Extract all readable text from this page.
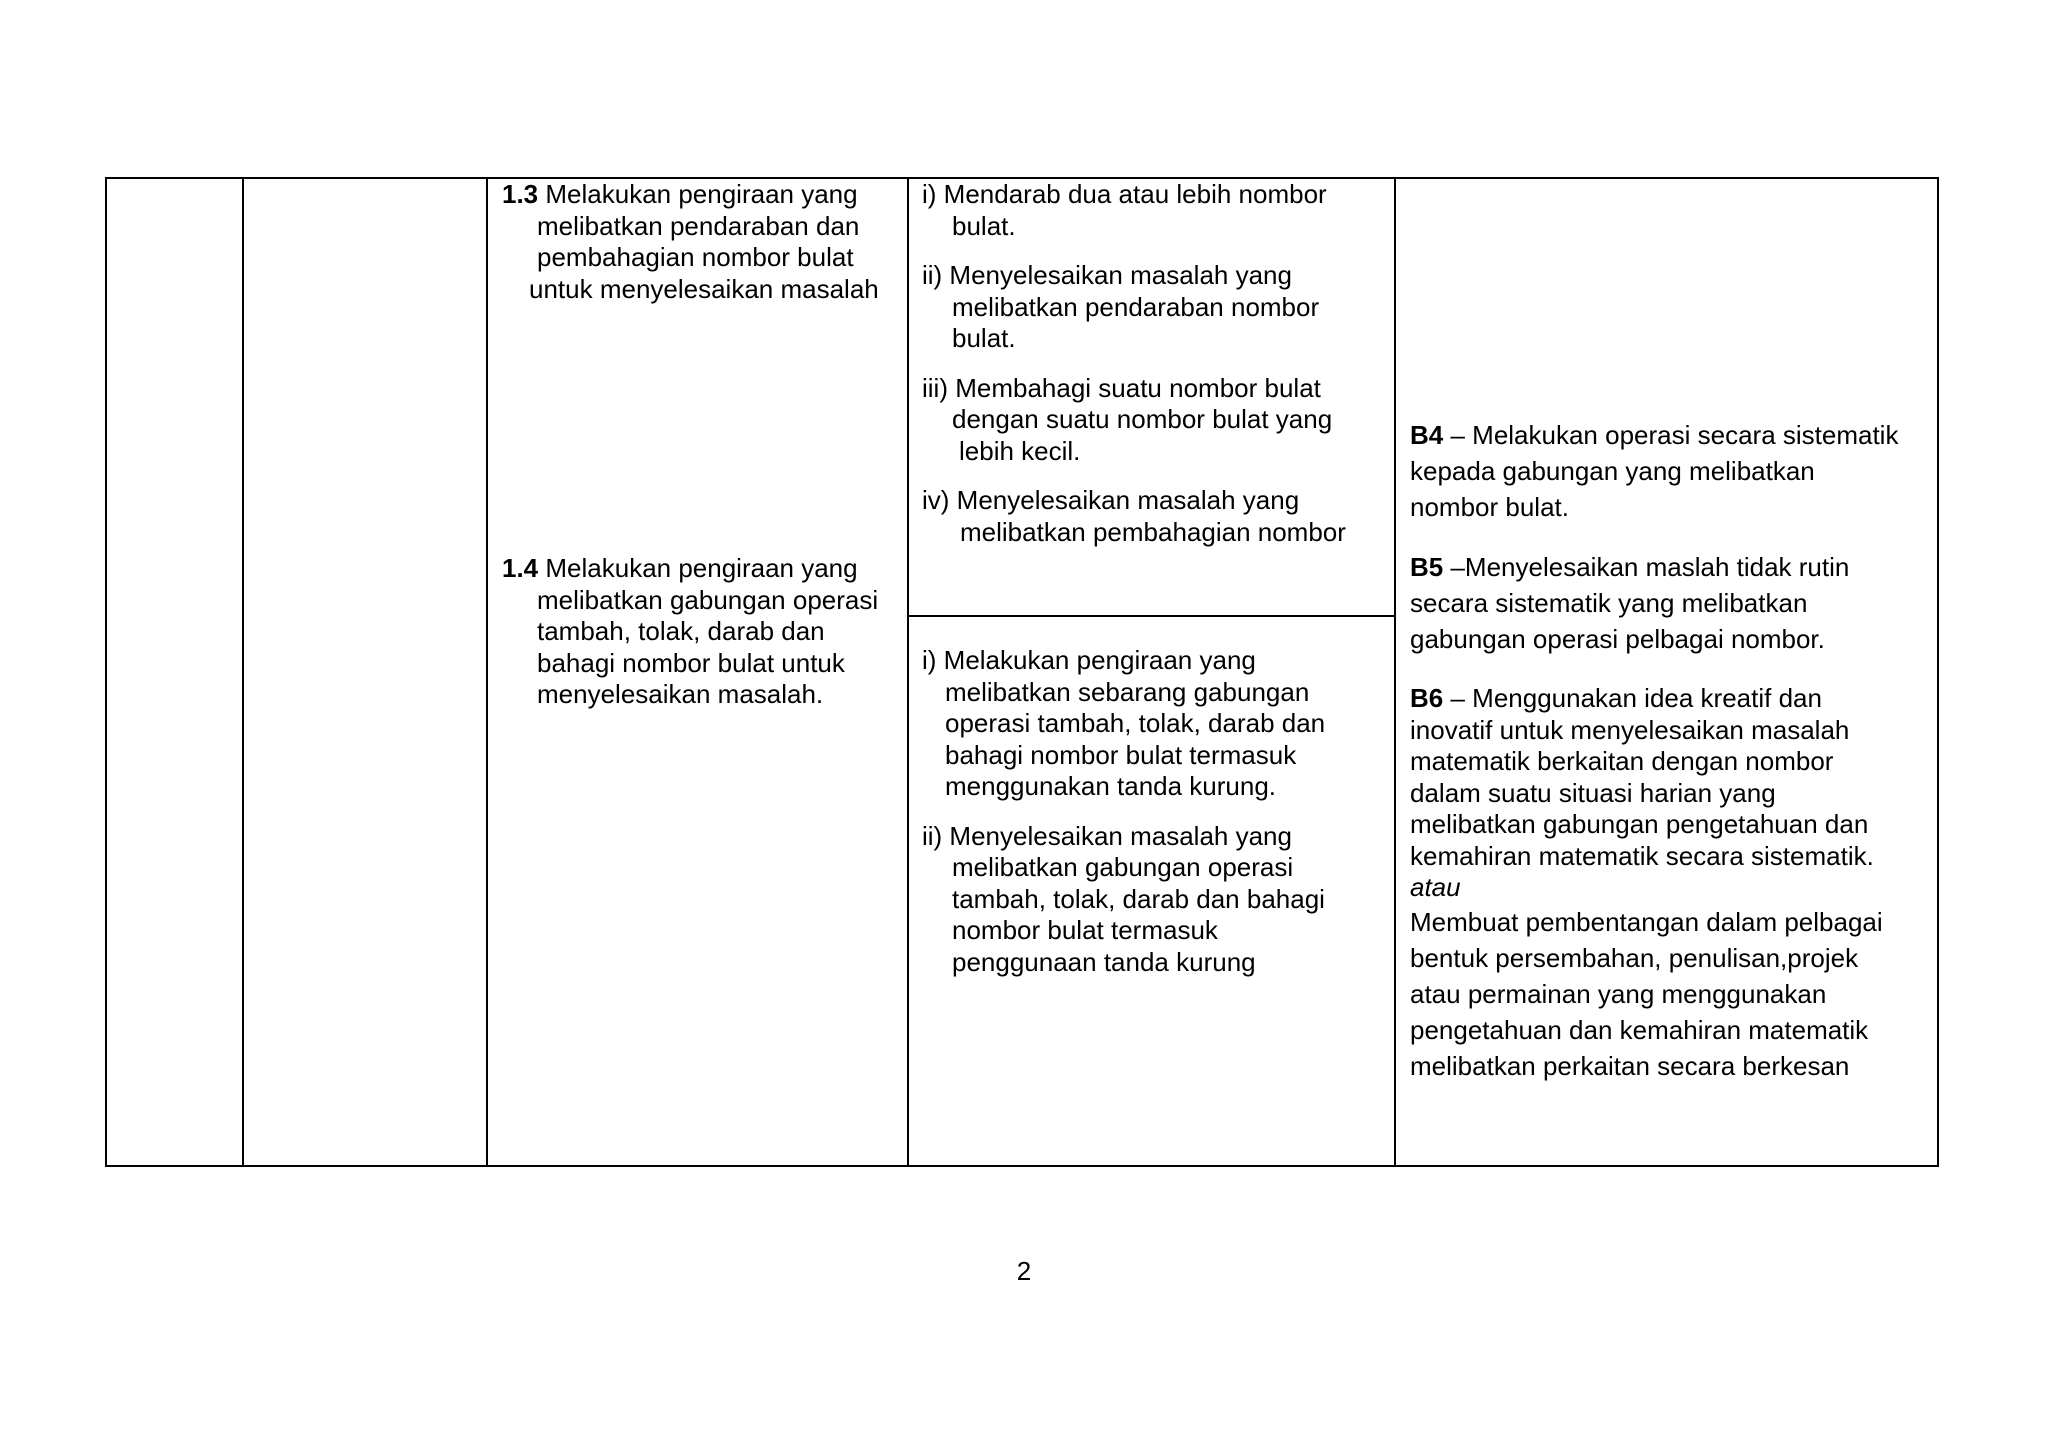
1.3 Melakukan pengiraan yang
melibatkan pendaraban dan
pembahagian nombor bulat
untuk menyelesaikan masalah
1.4 Melakukan pengiraan yang
melibatkan gabungan operasi
tambah, tolak, darab dan
bahagi nombor bulat untuk
menyelesaikan masalah.
i) Mendarab dua atau lebih nombor
bulat.
ii) Menyelesaikan masalah yang
melibatkan pendaraban nombor
bulat.
iii) Membahagi suatu nombor bulat
dengan suatu nombor bulat yang
lebih kecil.
iv) Menyelesaikan masalah yang
melibatkan pembahagian nombor
i) Melakukan pengiraan yang
melibatkan sebarang gabungan
operasi tambah, tolak, darab dan
bahagi nombor bulat termasuk
menggunakan tanda kurung.
ii) Menyelesaikan masalah yang
melibatkan gabungan operasi
tambah, tolak, darab dan bahagi
nombor bulat termasuk
penggunaan tanda kurung
B4 – Melakukan operasi secara sistematik
kepada gabungan yang melibatkan
nombor bulat.
B5 –Menyelesaikan maslah tidak rutin
secara sistematik yang melibatkan
gabungan operasi pelbagai nombor.
B6 – Menggunakan idea kreatif dan
inovatif untuk menyelesaikan masalah
matematik berkaitan dengan nombor
dalam suatu situasi harian yang
melibatkan gabungan pengetahuan dan
kemahiran matematik secara sistematik.
atau
Membuat pembentangan dalam pelbagai
bentuk persembahan, penulisan,projek
atau permainan yang menggunakan
pengetahuan dan kemahiran matematik
melibatkan perkaitan secara berkesan
2
